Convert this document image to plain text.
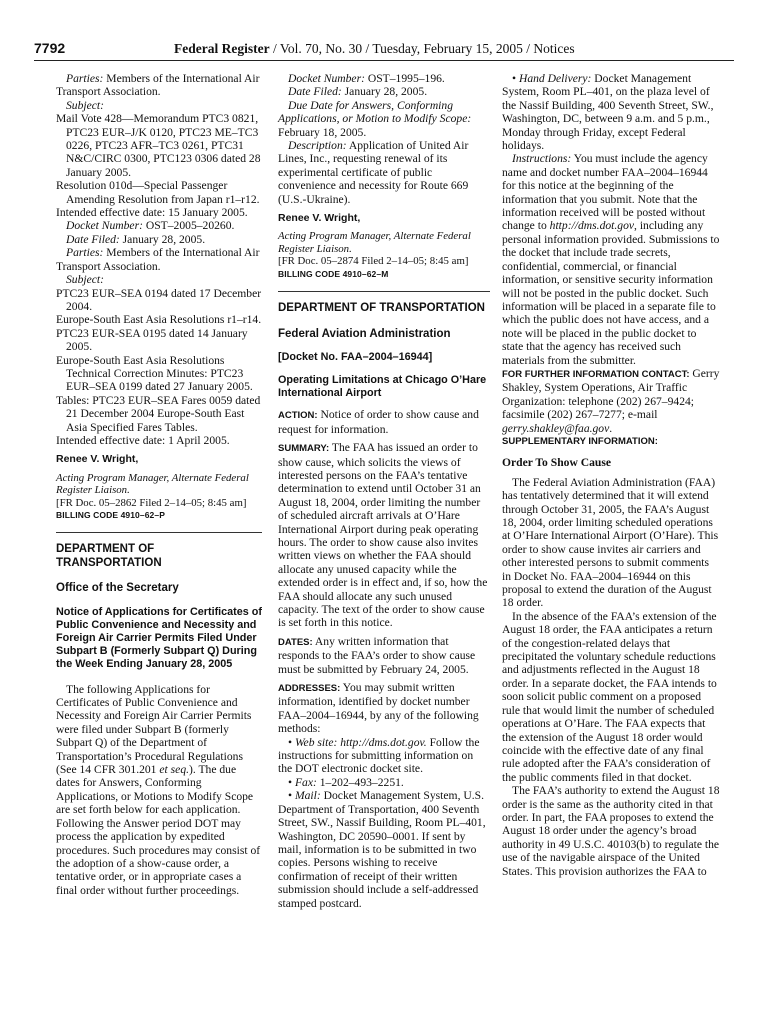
7792	Federal Register / Vol. 70, No. 30 / Tuesday, February 15, 2005 / Notices

Parties: Members of the International Air Transport Association.

Subject:

Mail Vote 428—Memorandum PTC3 0821, PTC23 EUR–J/K 0120, PTC23 ME–TC3 0226, PTC23 AFR–TC3 0261, PTC31 N&C/CIRC 0300, PTC123 0306 dated 28 January 2005.

Resolution 010d—Special Passenger Amending Resolution from Japan r1–r12.

Intended effective date: 15 January 2005.

Docket Number: OST–2005–20260.

Date Filed: January 28, 2005.

Parties: Members of the International Air Transport Association.

Subject:

PTC23 EUR–SEA 0194 dated 17 December 2004.

Europe-South East Asia Resolutions r1–r14.

PTC23 EUR-SEA 0195 dated 14 January 2005.

Europe-South East Asia Resolutions Technical Correction Minutes: PTC23 EUR–SEA 0199 dated 27 January 2005.

Tables: PTC23 EUR–SEA Fares 0059 dated 21 December 2004 Europe-South East Asia Specified Fares Tables.

Intended effective date: 1 April 2005.

Renee V. Wright,

Acting Program Manager, Alternate Federal Register Liaison.

[FR Doc. 05–2862 Filed 2–14–05; 8:45 am]

BILLING CODE 4910–62–P

DEPARTMENT OF TRANSPORTATION

Office of the Secretary

Notice of Applications for Certificates of Public Convenience and Necessity and Foreign Air Carrier Permits Filed Under Subpart B (Formerly Subpart Q) During the Week Ending January 28, 2005

The following Applications for Certificates of Public Convenience and Necessity and Foreign Air Carrier Permits were filed under Subpart B (formerly Subpart Q) of the Department of Transportation’s Procedural Regulations (See 14 CFR 301.201 et seq.). The due dates for Answers, Conforming Applications, or Motions to Modify Scope are set forth below for each application. Following the Answer period DOT may process the application by expedited procedures. Such procedures may consist of the adoption of a show-cause order, a tentative order, or in appropriate cases a final order without further proceedings.

Docket Number: OST–1995–196.

Date Filed: January 28, 2005.

Due Date for Answers, Conforming Applications, or Motion to Modify Scope: February 18, 2005.

Description: Application of United Air Lines, Inc., requesting renewal of its experimental certificate of public convenience and necessity for Route 669 (U.S.-Ukraine).

Renee V. Wright,

Acting Program Manager, Alternate Federal Register Liaison.

[FR Doc. 05–2874 Filed 2–14–05; 8:45 am]

BILLING CODE 4910–62–M

DEPARTMENT OF TRANSPORTATION

Federal Aviation Administration

[Docket No. FAA–2004–16944]

Operating Limitations at Chicago O’Hare International Airport

ACTION: Notice of order to show cause and request for information.

SUMMARY: The FAA has issued an order to show cause, which solicits the views of interested persons on the FAA’s tentative determination to extend until October 31 an August 18, 2004, order limiting the number of scheduled aircraft arrivals at O’Hare International Airport during peak operating hours. The order to show cause also invites written views on whether the FAA should allocate any unused capacity while the extended order is in effect and, if so, how the FAA should allocate any such unused capacity. The text of the order to show cause is set forth in this notice.

DATES: Any written information that responds to the FAA’s order to show cause must be submitted by February 24, 2005.

ADDRESSES: You may submit written information, identified by docket number FAA–2004–16944, by any of the following methods:

• Web site: http://dms.dot.gov. Follow the instructions for submitting information on the DOT electronic docket site.

• Fax: 1–202–493–2251.

• Mail: Docket Management System, U.S. Department of Transportation, 400 Seventh Street, SW., Nassif Building, Room PL–401, Washington, DC 20590–0001. If sent by mail, information is to be submitted in two copies. Persons wishing to receive confirmation of receipt of their written submission should include a self-addressed stamped postcard.

• Hand Delivery: Docket Management System, Room PL–401, on the plaza level of the Nassif Building, 400 Seventh Street, SW., Washington, DC, between 9 a.m. and 5 p.m., Monday through Friday, except Federal holidays.

Instructions: You must include the agency name and docket number FAA–2004–16944 for this notice at the beginning of the information that you submit. Note that the information received will be posted without change to http://dms.dot.gov, including any personal information provided. Submissions to the docket that include trade secrets, confidential, commercial, or financial information, or sensitive security information will not be posted in the public docket. Such information will be placed in a separate file to which the public does not have access, and a note will be placed in the public docket to state that the agency has received such materials from the submitter.

FOR FURTHER INFORMATION CONTACT: Gerry Shakley, System Operations, Air Traffic Organization: telephone (202) 267–9424; facsimile (202) 267–7277; e-mail gerry.shakley@faa.gov.

SUPPLEMENTARY INFORMATION:

Order To Show Cause

The Federal Aviation Administration (FAA) has tentatively determined that it will extend through October 31, 2005, the FAA’s August 18, 2004, order limiting scheduled operations at O’Hare International Airport (O’Hare). This order to show cause invites air carriers and other interested persons to submit comments in Docket No. FAA–2004–16944 on this proposal to extend the duration of the August 18 order.

In the absence of the FAA’s extension of the August 18 order, the FAA anticipates a return of the congestion-related delays that precipitated the voluntary schedule reductions and adjustments reflected in the August 18 order. In a separate docket, the FAA intends to soon solicit public comment on a proposed rule that would limit the number of scheduled operations at O’Hare. The FAA expects that the extension of the August 18 order would coincide with the effective date of any final rule adopted after the FAA’s consideration of the public comments filed in that docket.

The FAA’s authority to extend the August 18 order is the same as the authority cited in that order. In part, the FAA proposes to extend the August 18 order under the agency’s broad authority in 49 U.S.C. 40103(b) to regulate the use of the navigable airspace of the United States. This provision authorizes the FAA to
